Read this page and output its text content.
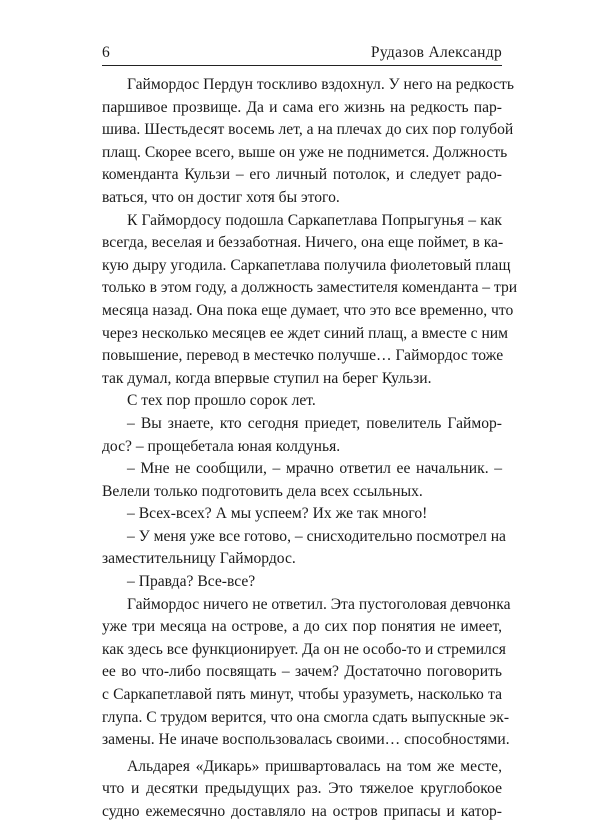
6	Рудазов Александр

Гаймордос Пердун тоскливо вздохнул. У него на редкость
паршивое прозвище. Да и сама его жизнь на редкость пар-
шива. Шестьдесят восемь лет, а на плечах до сих пор голубой
плащ. Скорее всего, выше он уже не поднимется. Должность
коменданта Кульзи – его личный потолок, и следует радо-
ваться, что он достиг хотя бы этого.

К Гаймордосу подошла Саркапетлава Попрыгунья – как
всегда, веселая и беззаботная. Ничего, она еще поймет, в ка-
кую дыру угодила. Саркапетлава получила фиолетовый плащ
только в этом году, а должность заместителя коменданта – три
месяца назад. Она пока еще думает, что это все временно, что
через несколько месяцев ее ждет синий плащ, а вместе с ним
повышение, перевод в местечко получше… Гаймордос тоже
так думал, когда впервые ступил на берег Кульзи.

С тех пор прошло сорок лет.

– Вы знаете, кто сегодня приедет, повелитель Гаймор-
дос? – прощебетала юная колдунья.

– Мне не сообщили, – мрачно ответил ее начальник. –
Велели только подготовить дела всех ссыльных.

– Всех-всех? А мы успеем? Их же так много!

– У меня уже все готово, – снисходительно посмотрел на
заместительницу Гаймордос.

– Правда? Все-все?

Гаймордос ничего не ответил. Эта пустоголовая девчонка
уже три месяца на острове, а до сих пор понятия не имеет,
как здесь все функционирует. Да он не особо-то и стремился
ее во что-либо посвящать – зачем? Достаточно поговорить
с Саркапетлавой пять минут, чтобы уразуметь, насколько та
глупа. С трудом верится, что она смогла сдать выпускные эк-
замены. Не иначе воспользовалась своими… способностями.

Альдарея «Дикарь» пришвартовалась на том же месте,
что и десятки предыдущих раз. Это тяжелое круглобокое
судно ежемесячно доставляло на остров припасы и катор-
